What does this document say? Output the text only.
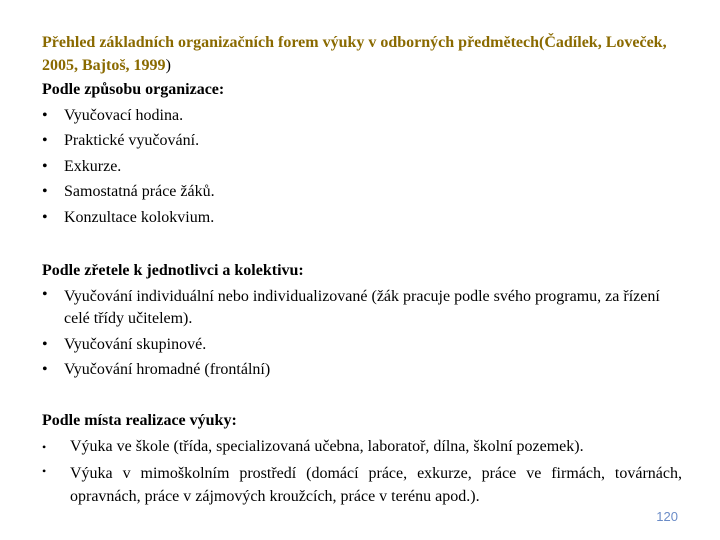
Přehled základních organizačních forem výuky v odborných předmětech(Čadílek, Loveček, 2005, Bajtoš, 1999)
Podle způsobu organizace:
• Vyučovací hodina.
• Praktické vyučování.
• Exkurze.
• Samostatná práce žáků.
• Konzultace kolokvium.
Podle zřetele k jednotlivci a kolektivu:
• Vyučování individuální nebo individualizované (žák pracuje podle svého programu, za řízení celé třídy učitelem).
• Vyučování skupinové.
• Vyučování hromadné (frontální)
Podle místa realizace výuky:
• Výuka ve škole (třída, specializovaná učebna, laboratoř, dílna, školní pozemek).
• Výuka v mimoškolním prostředí (domácí práce, exkurze, práce ve firmách, továrnách, opravnách, práce v zájmových kroužcích, práce v terénu apod.).
120
